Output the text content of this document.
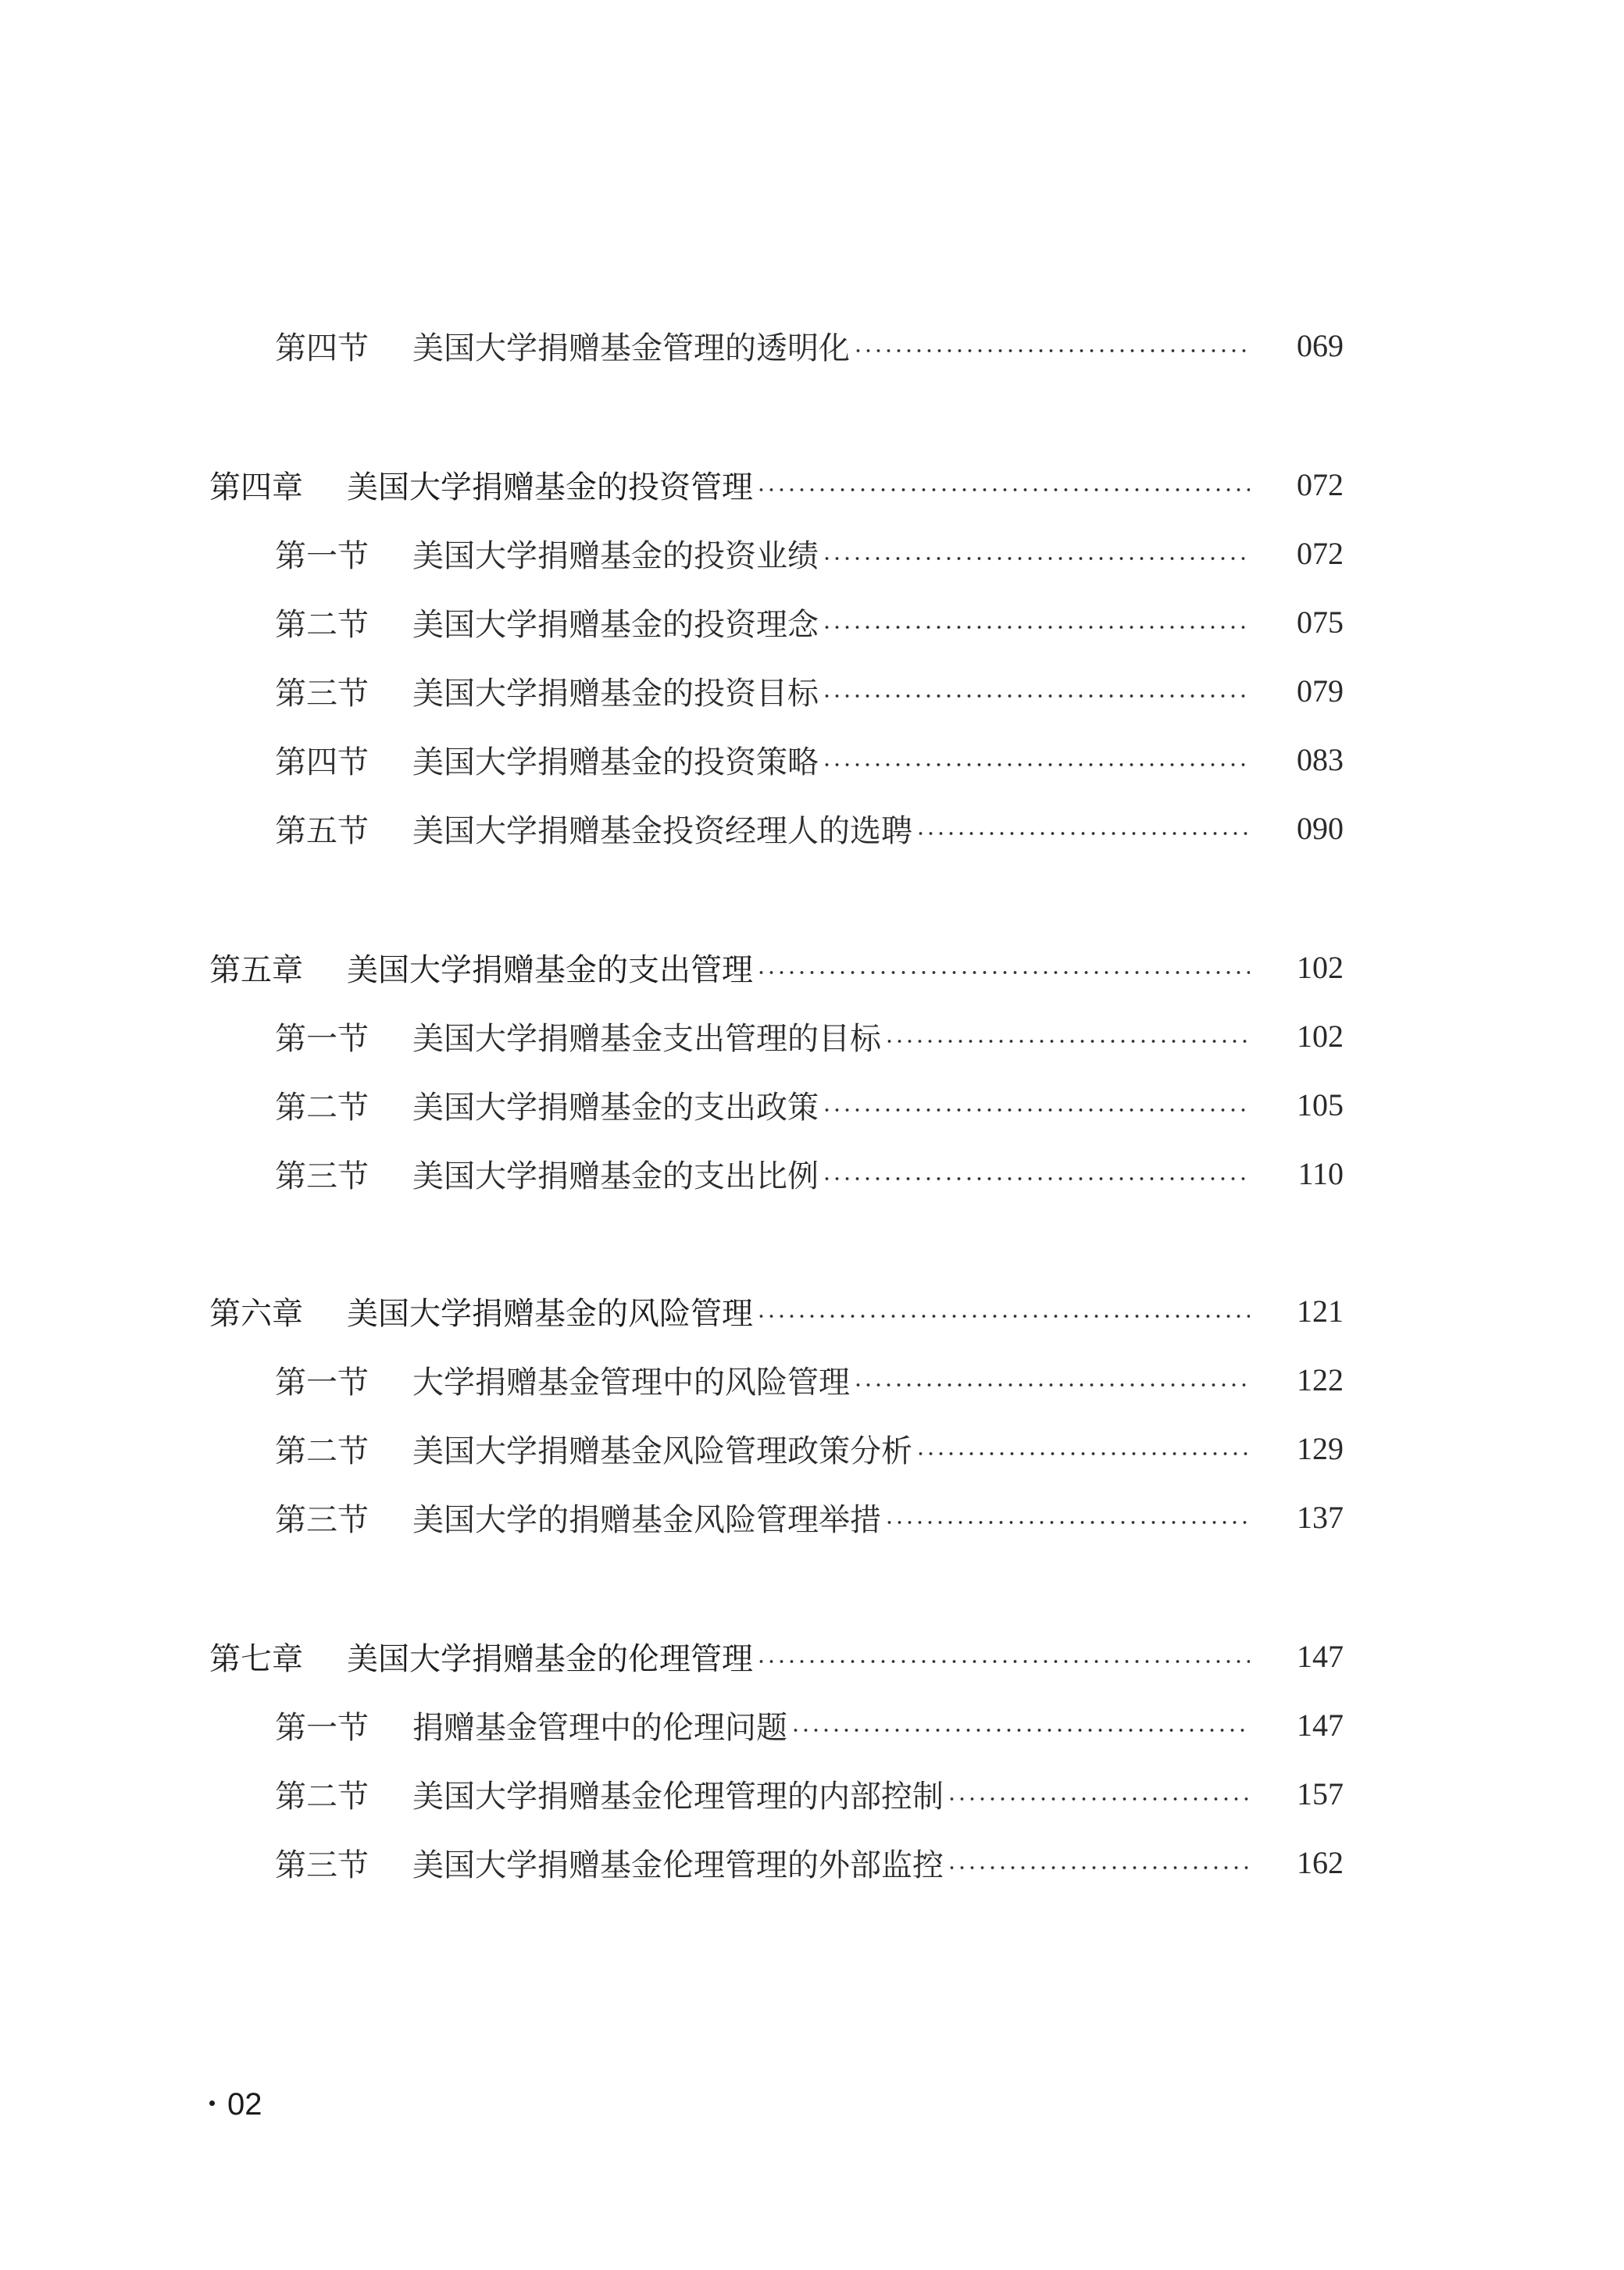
第四节	美国大学捐赠基金管理的透明化	069
第四章	美国大学捐赠基金的投资管理	072
第一节	美国大学捐赠基金的投资业绩	072
第二节	美国大学捐赠基金的投资理念	075
第三节	美国大学捐赠基金的投资目标	079
第四节	美国大学捐赠基金的投资策略	083
第五节	美国大学捐赠基金投资经理人的选聘	090
第五章	美国大学捐赠基金的支出管理	102
第一节	美国大学捐赠基金支出管理的目标	102
第二节	美国大学捐赠基金的支出政策	105
第三节	美国大学捐赠基金的支出比例	110
第六章	美国大学捐赠基金的风险管理	121
第一节	大学捐赠基金管理中的风险管理	122
第二节	美国大学捐赠基金风险管理政策分析	129
第三节	美国大学的捐赠基金风险管理举措	137
第七章	美国大学捐赠基金的伦理管理	147
第一节	捐赠基金管理中的伦理问题	147
第二节	美国大学捐赠基金伦理管理的内部控制	157
第三节	美国大学捐赠基金伦理管理的外部监控	162
02
